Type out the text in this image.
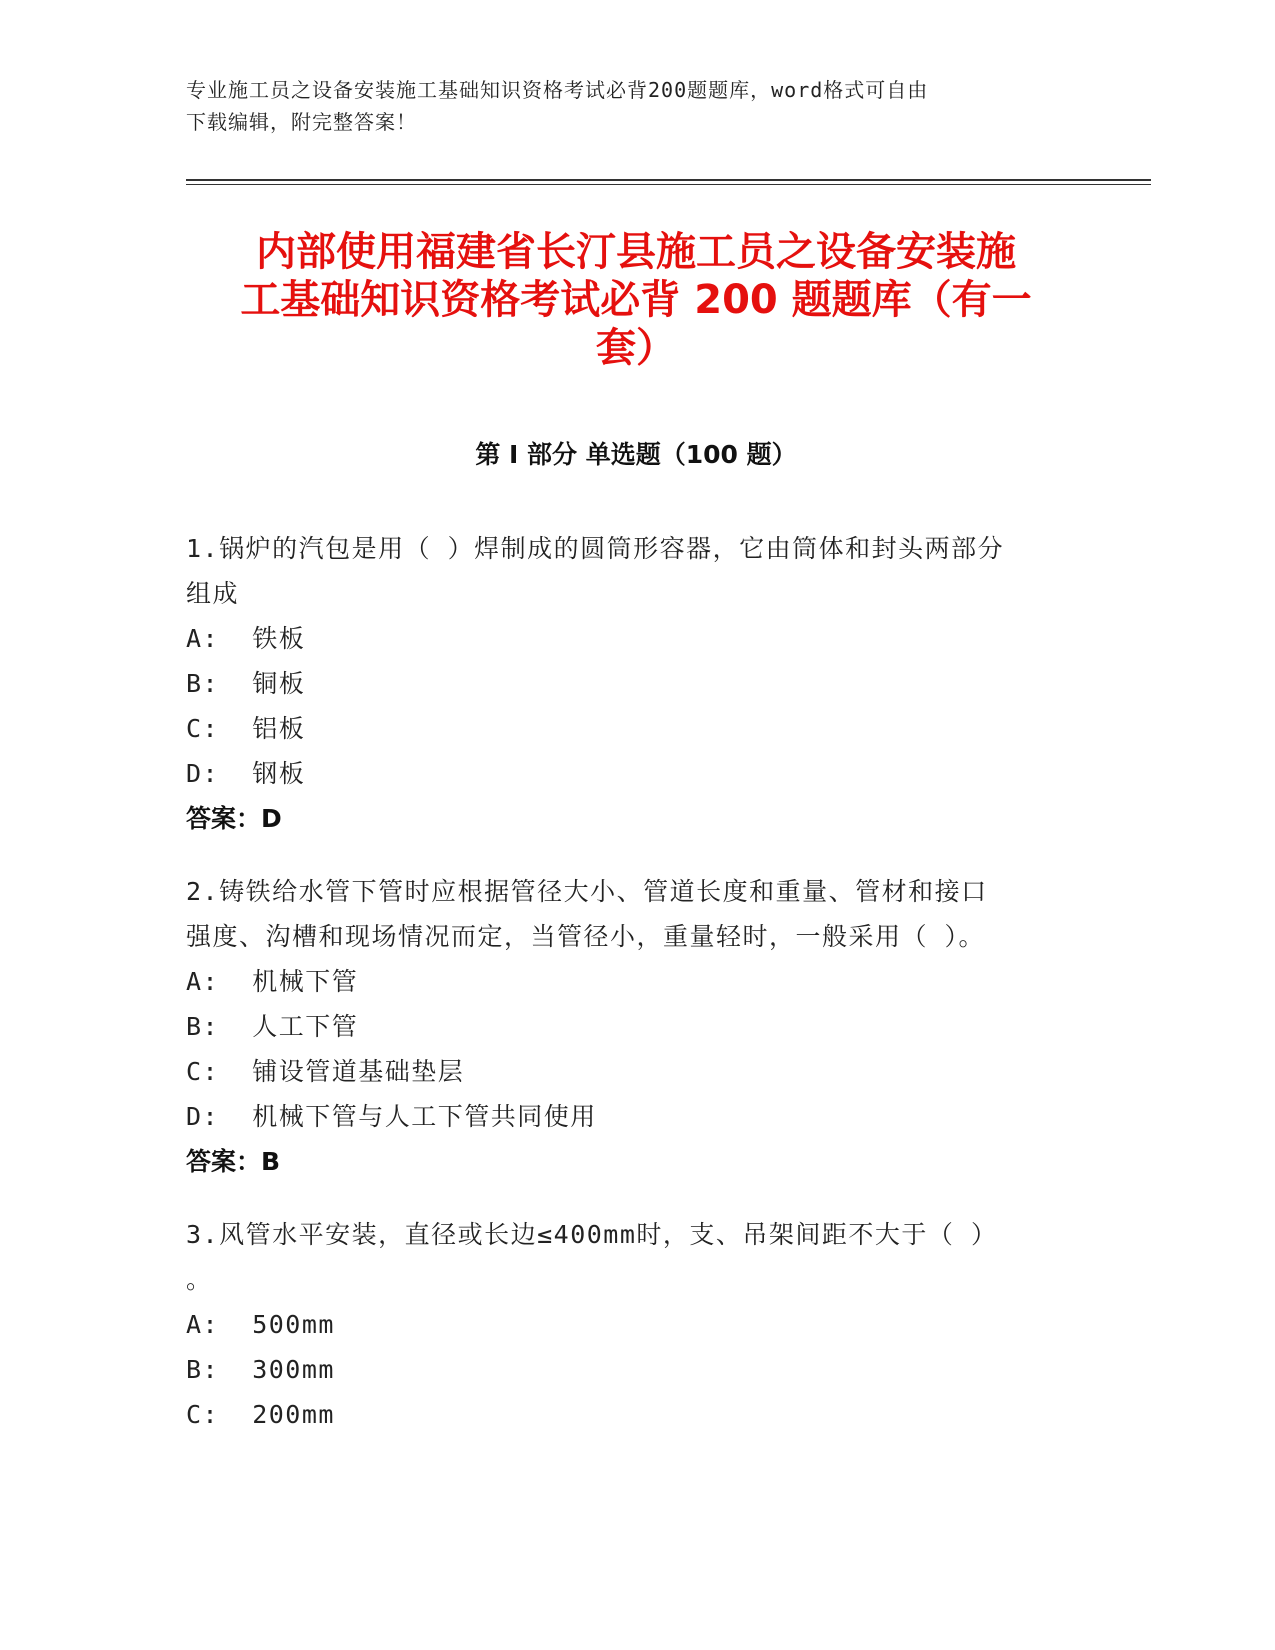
专业施工员之设备安装施工基础知识资格考试必背200题题库，word格式可自由
下载编辑，附完整答案！
内部使用福建省长汀县施工员之设备安装施
工基础知识资格考试必背 200 题题库（有一
套）
第 I 部分 单选题（100 题）
1.锅炉的汽包是用（ ）焊制成的圆筒形容器，它由筒体和封头两部分
组成
A:  铁板
B:  铜板
C:  铝板
D:  钢板
答案：D
2.铸铁给水管下管时应根据管径大小、管道长度和重量、管材和接口
强度、沟槽和现场情况而定，当管径小，重量轻时，一般采用（ ）。
A:  机械下管
B:  人工下管
C:  铺设管道基础垫层
D:  机械下管与人工下管共同使用
答案：B
3.风管水平安装，直径或长边≤400mm时，支、吊架间距不大于（ ）
。
A:  500mm
B:  300mm
C:  200mm
